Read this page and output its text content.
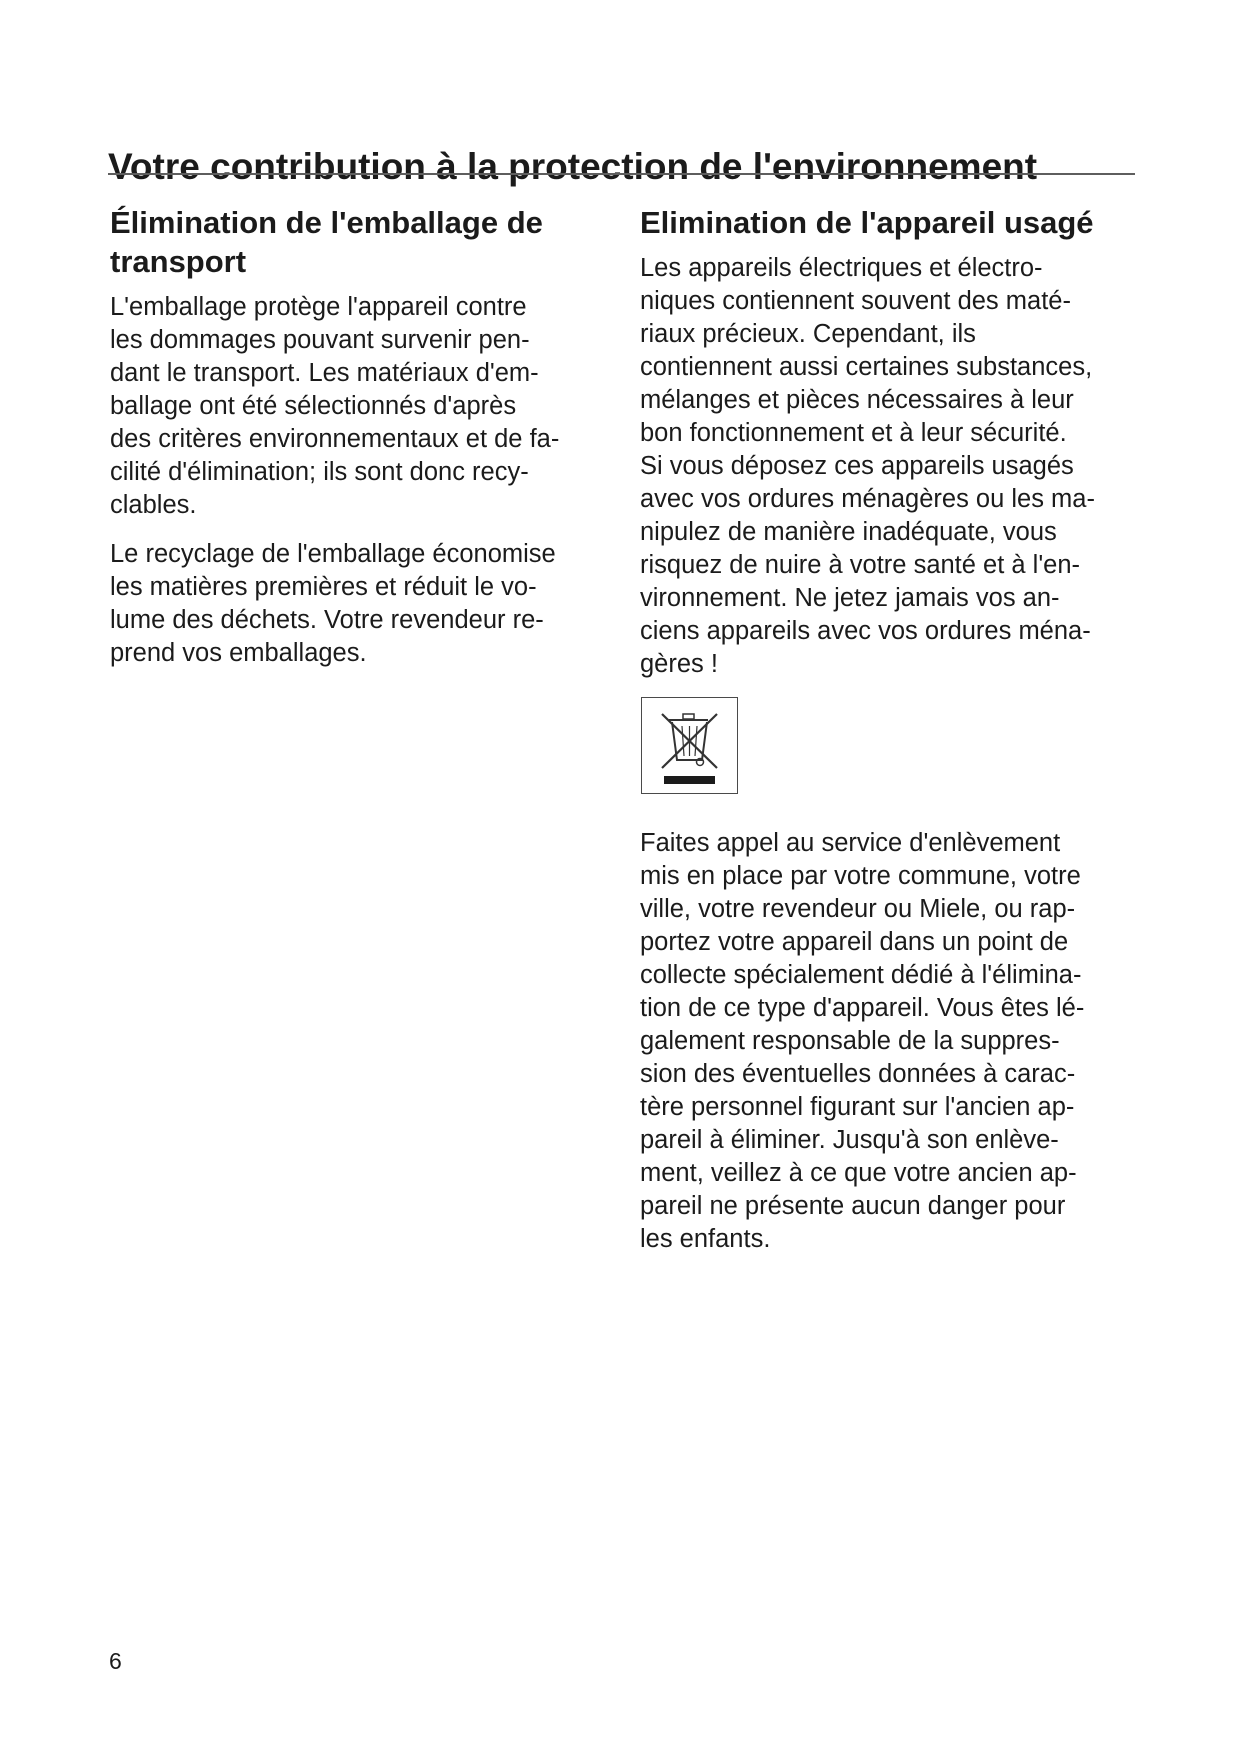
Votre contribution à la protection de l'environnement
Élimination de l'emballage de
transport

L'emballage protège l'appareil contre
les dommages pouvant survenir pen-
dant le transport. Les matériaux d'em-
ballage ont été sélectionnés d'après
des critères environnementaux et de fa-
cilité d'élimination; ils sont donc recy-
clables.

Le recyclage de l'emballage économise
les matières premières et réduit le vo-
lume des déchets. Votre revendeur re-
prend vos emballages.

Elimination de l'appareil usagé

Les appareils électriques et électro-
niques contiennent souvent des maté-
riaux précieux. Cependant, ils
contiennent aussi certaines substances,
mélanges et pièces nécessaires à leur
bon fonctionnement et à leur sécurité.
Si vous déposez ces appareils usagés
avec vos ordures ménagères ou les ma-
nipulez de manière inadéquate, vous
risquez de nuire à votre santé et à l'en-
vironnement. Ne jetez jamais vos an-
ciens appareils avec vos ordures ména-
gères !

Faites appel au service d'enlèvement
mis en place par votre commune, votre
ville, votre revendeur ou Miele, ou rap-
portez votre appareil dans un point de
collecte spécialement dédié à l'élimina-
tion de ce type d'appareil. Vous êtes lé-
galement responsable de la suppres-
sion des éventuelles données à carac-
tère personnel figurant sur l'ancien ap-
pareil à éliminer. Jusqu'à son enlève-
ment, veillez à ce que votre ancien ap-
pareil ne présente aucun danger pour
les enfants.

6
